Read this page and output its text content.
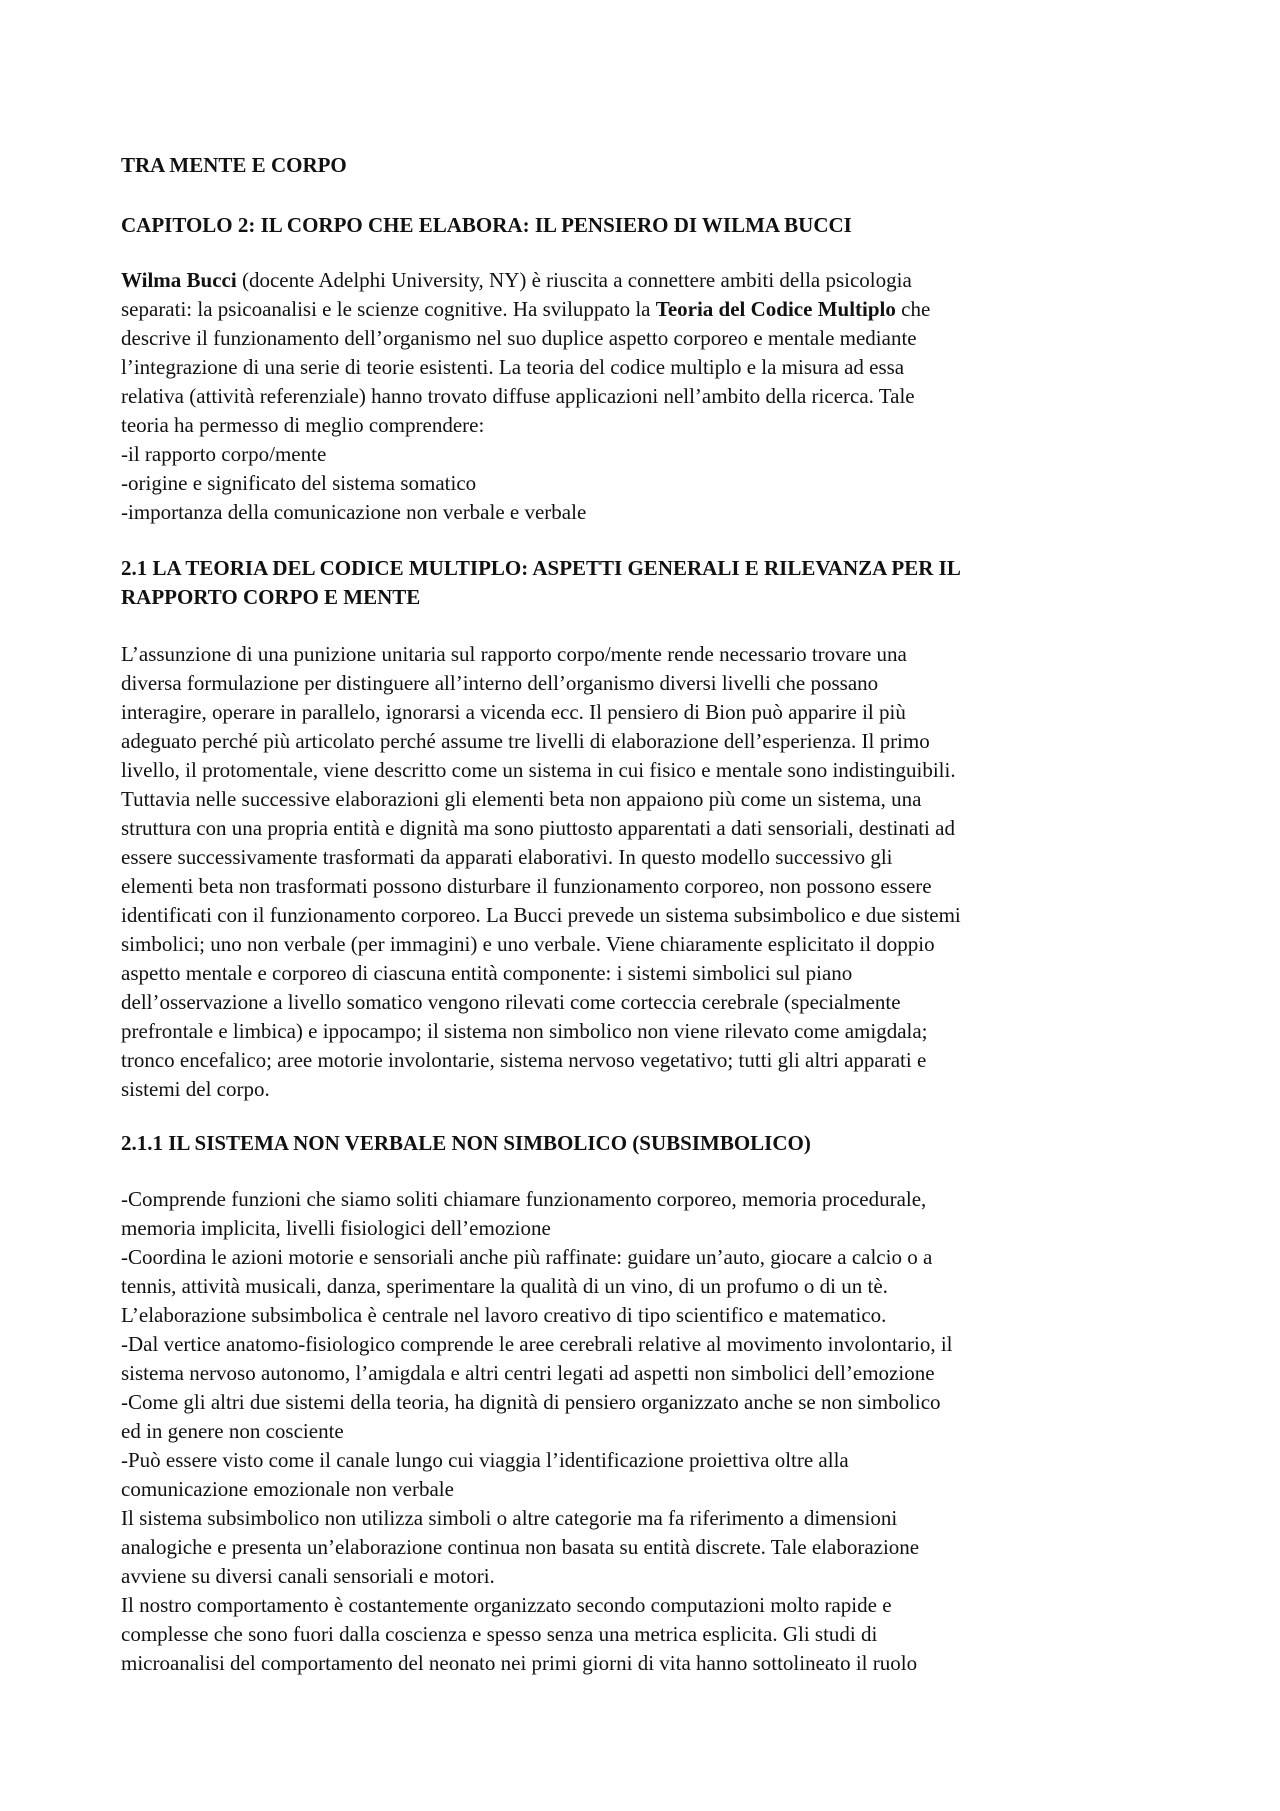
TRA MENTE E CORPO
CAPITOLO 2: IL CORPO CHE ELABORA: IL PENSIERO DI WILMA BUCCI
Wilma Bucci (docente Adelphi University, NY) è riuscita a connettere ambiti della psicologia
separati: la psicoanalisi e le scienze cognitive. Ha sviluppato la Teoria del Codice Multiplo che
descrive il funzionamento dell’organismo nel suo duplice aspetto corporeo e mentale mediante
l’integrazione di una serie di teorie esistenti. La teoria del codice multiplo e la misura ad essa
relativa (attività referenziale) hanno trovato diffuse applicazioni nell’ambito della ricerca. Tale
teoria ha permesso di meglio comprendere:
-il rapporto corpo/mente
-origine e significato del sistema somatico
-importanza della comunicazione non verbale e verbale
2.1 LA TEORIA DEL CODICE MULTIPLO: ASPETTI GENERALI E RILEVANZA PER IL
RAPPORTO CORPO E MENTE
L’assunzione di una punizione unitaria sul rapporto corpo/mente rende necessario trovare una
diversa formulazione per distinguere all’interno dell’organismo diversi livelli che possano
interagire, operare in parallelo, ignorarsi a vicenda ecc. Il pensiero di Bion può apparire il più
adeguato perché più articolato perché assume tre livelli di elaborazione dell’esperienza. Il primo
livello, il protomentale, viene descritto come un sistema in cui fisico e mentale sono indistinguibili.
Tuttavia nelle successive elaborazioni gli elementi beta non appaiono più come un sistema, una
struttura con una propria entità e dignità ma sono piuttosto apparentati a dati sensoriali, destinati ad
essere successivamente trasformati da apparati elaborativi. In questo modello successivo gli
elementi beta non trasformati possono disturbare il funzionamento corporeo, non possono essere
identificati con il funzionamento corporeo. La Bucci prevede un sistema subsimbolico e due sistemi
simbolici; uno non verbale (per immagini) e uno verbale. Viene chiaramente esplicitato il doppio
aspetto mentale e corporeo di ciascuna entità componente: i sistemi simbolici sul piano
dell’osservazione a livello somatico vengono rilevati come corteccia cerebrale (specialmente
prefrontale e limbica) e ippocampo; il sistema non simbolico non viene rilevato come amigdala;
tronco encefalico; aree motorie involontarie, sistema nervoso vegetativo; tutti gli altri apparati e
sistemi del corpo.
2.1.1 IL SISTEMA NON VERBALE NON SIMBOLICO (SUBSIMBOLICO)
-Comprende funzioni che siamo soliti chiamare funzionamento corporeo, memoria procedurale,
memoria implicita, livelli fisiologici dell’emozione
-Coordina le azioni motorie e sensoriali anche più raffinate: guidare un’auto, giocare a calcio o a
tennis, attività musicali, danza, sperimentare la qualità di un vino, di un profumo o di un tè.
L’elaborazione subsimbolica è centrale nel lavoro creativo di tipo scientifico e matematico.
-Dal vertice anatomo-fisiologico comprende le aree cerebrali relative al movimento involontario, il
sistema nervoso autonomo, l’amigdala e altri centri legati ad aspetti non simbolici dell’emozione
-Come gli altri due sistemi della teoria, ha dignità di pensiero organizzato anche se non simbolico
ed in genere non cosciente
-Può essere visto come il canale lungo cui viaggia l’identificazione proiettiva oltre alla
comunicazione emozionale non verbale
Il sistema subsimbolico non utilizza simboli o altre categorie ma fa riferimento a dimensioni
analogiche e presenta un’elaborazione continua non basata su entità discrete. Tale elaborazione
avviene su diversi canali sensoriali e motori.
Il nostro comportamento è costantemente organizzato secondo computazioni molto rapide e
complesse che sono fuori dalla coscienza e spesso senza una metrica esplicita. Gli studi di
microanalisi del comportamento del neonato nei primi giorni di vita hanno sottolineato il ruolo
